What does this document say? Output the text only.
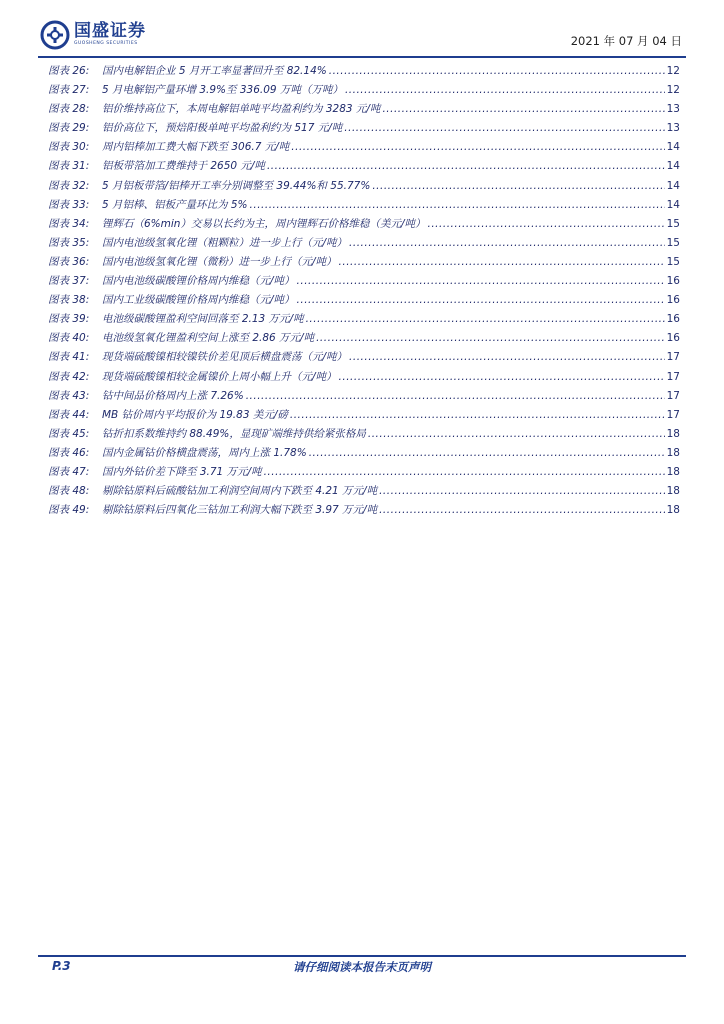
国盛证券
GUOSHENG SECURITIES	2021 年 07 月 04 日
图表 26:	国内电解铝企业 5 月开工率显著回升至 82.14% .....	12
图表 27:	5 月电解铝产量环增 3.9%至 336.09 万吨（万吨） .....	12
图表 28:	铝价维持高位下，本周电解铝单吨平均盈利约为 3283 元/吨 .....	13
图表 29:	铝价高位下，预焙阳极单吨平均盈利约为 517 元/吨 .....	13
图表 30:	周内铝棒加工费大幅下跌至 306.7 元/吨 .....	14
图表 31:	铝板带箔加工费维持于 2650 元/吨 .....	14
图表 32:	5 月铝板带箔/铝棒开工率分别调整至 39.44%和 55.77% .....	14
图表 33:	5 月铝棒、铝板产量环比为 5% .....	14
图表 34:	锂辉石（6%min）交易以长约为主，周内锂辉石价格维稳（美元/吨） .....	15
图表 35:	国内电池级氢氧化锂（粗颗粒）进一步上行（元/吨） .....	15
图表 36:	国内电池级氢氧化锂（微粉）进一步上行（元/吨） .....	15
图表 37:	国内电池级碳酸锂价格周内维稳（元/吨） .....	16
图表 38:	国内工业级碳酸锂价格周内维稳（元/吨） .....	16
图表 39:	电池级碳酸锂盈利空间回落至 2.13 万元/吨 .....	16
图表 40:	电池级氢氧化锂盈利空间上涨至 2.86 万元/吨 .....	16
图表 41:	现货端硫酸镍相较镍铁价差见顶后横盘震荡（元/吨） .....	17
图表 42:	现货端硫酸镍相较金属镍价上周小幅上升（元/吨） .....	17
图表 43:	钴中间品价格周内上涨 7.26% .....	17
图表 44:	MB 钴价周内平均报价为 19.83 美元/磅 .....	17
图表 45:	钴折扣系数维持约 88.49%，显现矿端维持供给紧张格局 .....	18
图表 46:	国内金属钴价格横盘震荡，周内上涨 1.78% .....	18
图表 47:	国内外钴价差下降至 3.71 万元/吨 .....	18
图表 48:	剔除钴原料后硫酸钴加工利润空间周内下跌至 4.21 万元/吨 .....	18
图表 49:	剔除钴原料后四氧化三钴加工利润大幅下跌至 3.97 万元/吨 .....	18
P.3	请仔细阅读本报告末页声明
